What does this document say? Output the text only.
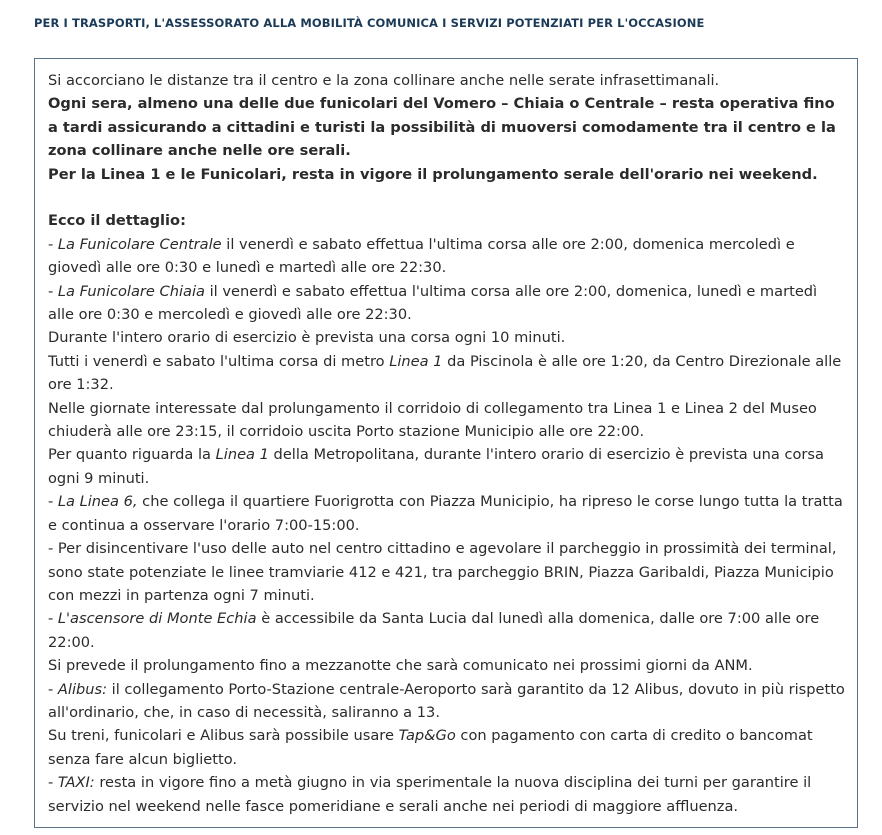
PER I TRASPORTI, L'ASSESSORATO ALLA MOBILITÀ COMUNICA I SERVIZI POTENZIATI PER L'OCCASIONE

Si accorciano le distanze tra il centro e la zona collinare anche nelle serate infrasettimanali.

Ogni sera, almeno una delle due funicolari del Vomero – Chiaia o Centrale – resta operativa fino a tardi assicurando a cittadini e turisti la possibilità di muoversi comodamente tra il centro e la zona collinare anche nelle ore serali.

Per la Linea 1 e le Funicolari, resta in vigore il prolungamento serale dell'orario nei weekend.

Ecco il dettaglio:

- La Funicolare Centrale il venerdì e sabato effettua l'ultima corsa alle ore 2:00, domenica mercoledì e giovedì alle ore 0:30 e lunedì e martedì alle ore 22:30.

- La Funicolare Chiaia il venerdì e sabato effettua l'ultima corsa alle ore 2:00, domenica, lunedì e martedì alle ore 0:30 e mercoledì e giovedì alle ore 22:30.

Durante l'intero orario di esercizio è prevista una corsa ogni 10 minuti.

Tutti i venerdì e sabato l'ultima corsa di metro Linea 1 da Piscinola è alle ore 1:20, da Centro Direzionale alle ore 1:32.

Nelle giornate interessate dal prolungamento il corridoio di collegamento tra Linea 1 e Linea 2 del Museo chiuderà alle ore 23:15, il corridoio uscita Porto stazione Municipio alle ore 22:00.

Per quanto riguarda la Linea 1 della Metropolitana, durante l'intero orario di esercizio è prevista una corsa ogni 9 minuti.

- La Linea 6, che collega il quartiere Fuorigrotta con Piazza Municipio, ha ripreso le corse lungo tutta la tratta e continua a osservare l'orario 7:00-15:00.

- Per disincentivare l'uso delle auto nel centro cittadino e agevolare il parcheggio in prossimità dei terminal, sono state potenziate le linee tramviarie 412 e 421, tra parcheggio BRIN, Piazza Garibaldi, Piazza Municipio con mezzi in partenza ogni 7 minuti.

- L'ascensore di Monte Echia è accessibile da Santa Lucia dal lunedì alla domenica, dalle ore 7:00 alle ore 22:00.

Si prevede il prolungamento fino a mezzanotte che sarà comunicato nei prossimi giorni da ANM.

- Alibus: il collegamento Porto-Stazione centrale-Aeroporto sarà garantito da 12 Alibus, dovuto in più rispetto all'ordinario, che, in caso di necessità, saliranno a 13.

Su treni, funicolari e Alibus sarà possibile usare Tap&Go con pagamento con carta di credito o bancomat senza fare alcun biglietto.

- TAXI: resta in vigore fino a metà giugno in via sperimentale la nuova disciplina dei turni per garantire il servizio nel weekend nelle fasce pomeridiane e serali anche nei periodi di maggiore affluenza.
